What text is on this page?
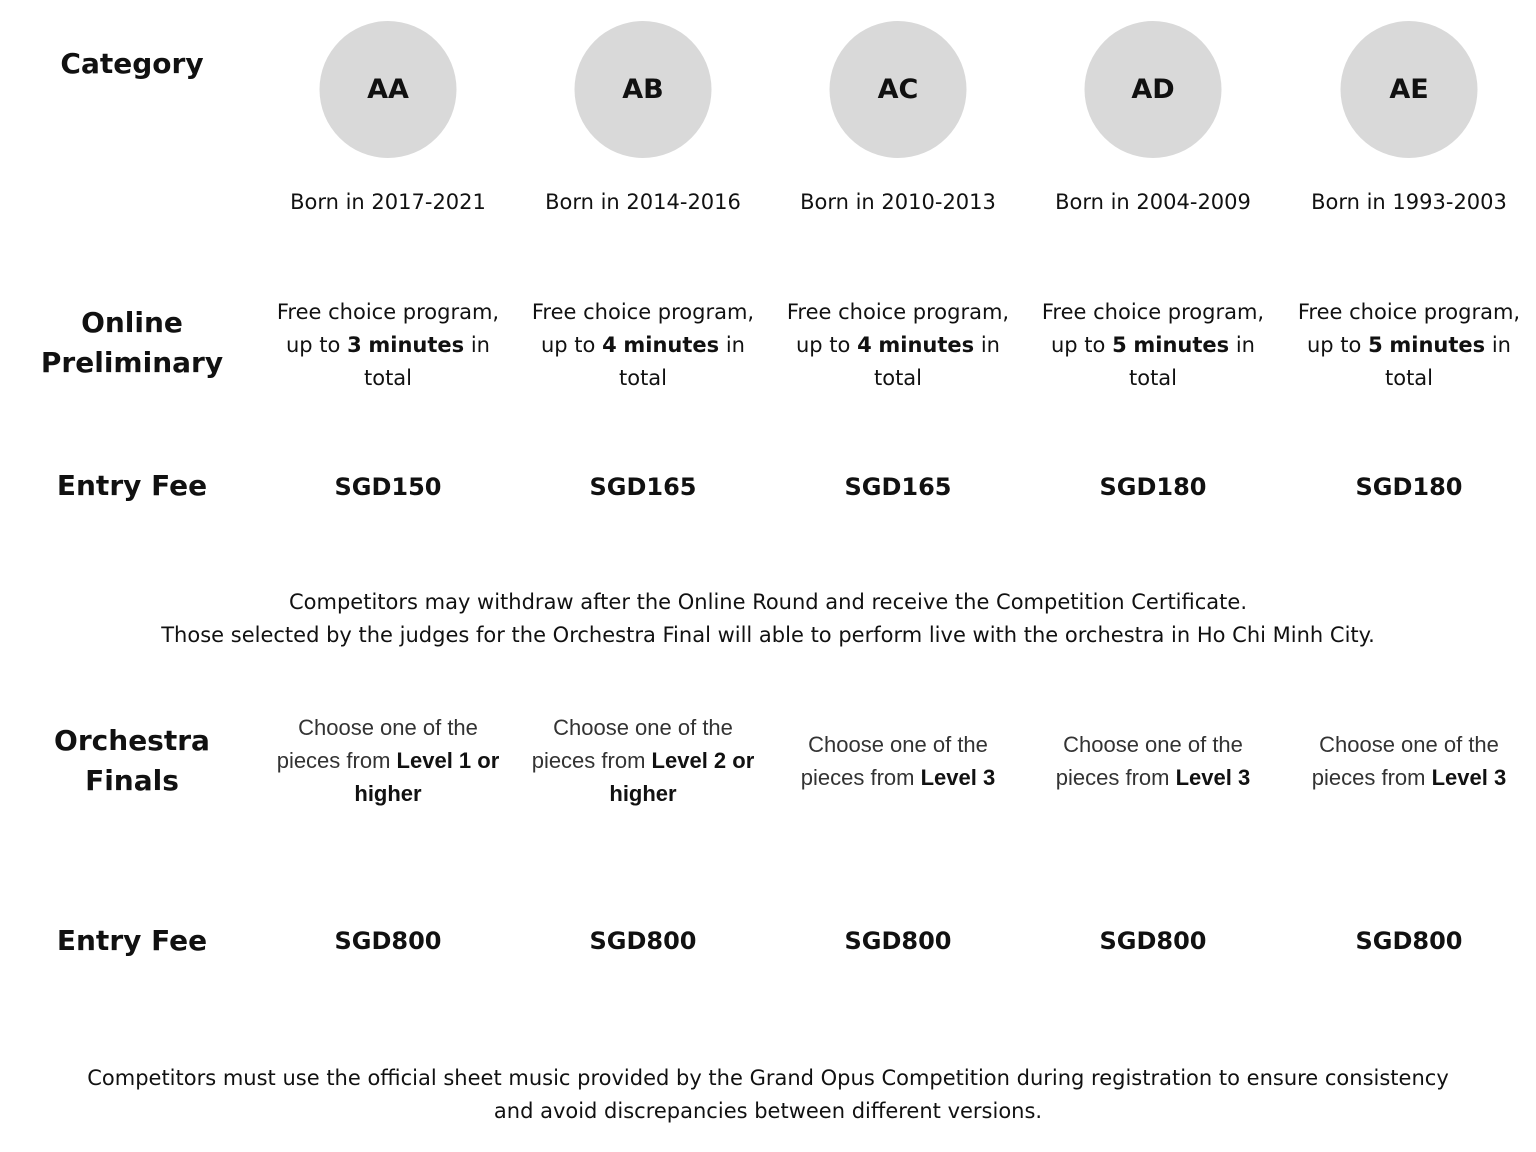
Category
Online
Preliminary
Entry Fee
Orchestra
Finals
Entry Fee
AA
Born in 2017-2021
Free choice program, up to 3 minutes in total
SGD150
Choose one of the pieces from Level 1 or higher
SGD800
AB
Born in 2014-2016
Free choice program, up to 4 minutes in total
SGD165
Choose one of the pieces from Level 2 or higher
SGD800
AC
Born in 2010-2013
Free choice program, up to 4 minutes in total
SGD165
Choose one of the pieces from Level 3
SGD800
AD
Born in 2004-2009
Free choice program, up to 5 minutes in total
SGD180
Choose one of the pieces from Level 3
SGD800
AE
Born in 1993-2003
Free choice program, up to 5 minutes in total
SGD180
Choose one of the pieces from Level 3
SGD800
Competitors may withdraw after the Online Round and receive the Competition Certificate.
Those selected by the judges for the Orchestra Final will able to perform live with the orchestra in Ho Chi Minh City.
Competitors must use the official sheet music provided by the Grand Opus Competition during registration to ensure consistency
and avoid discrepancies between different versions.
